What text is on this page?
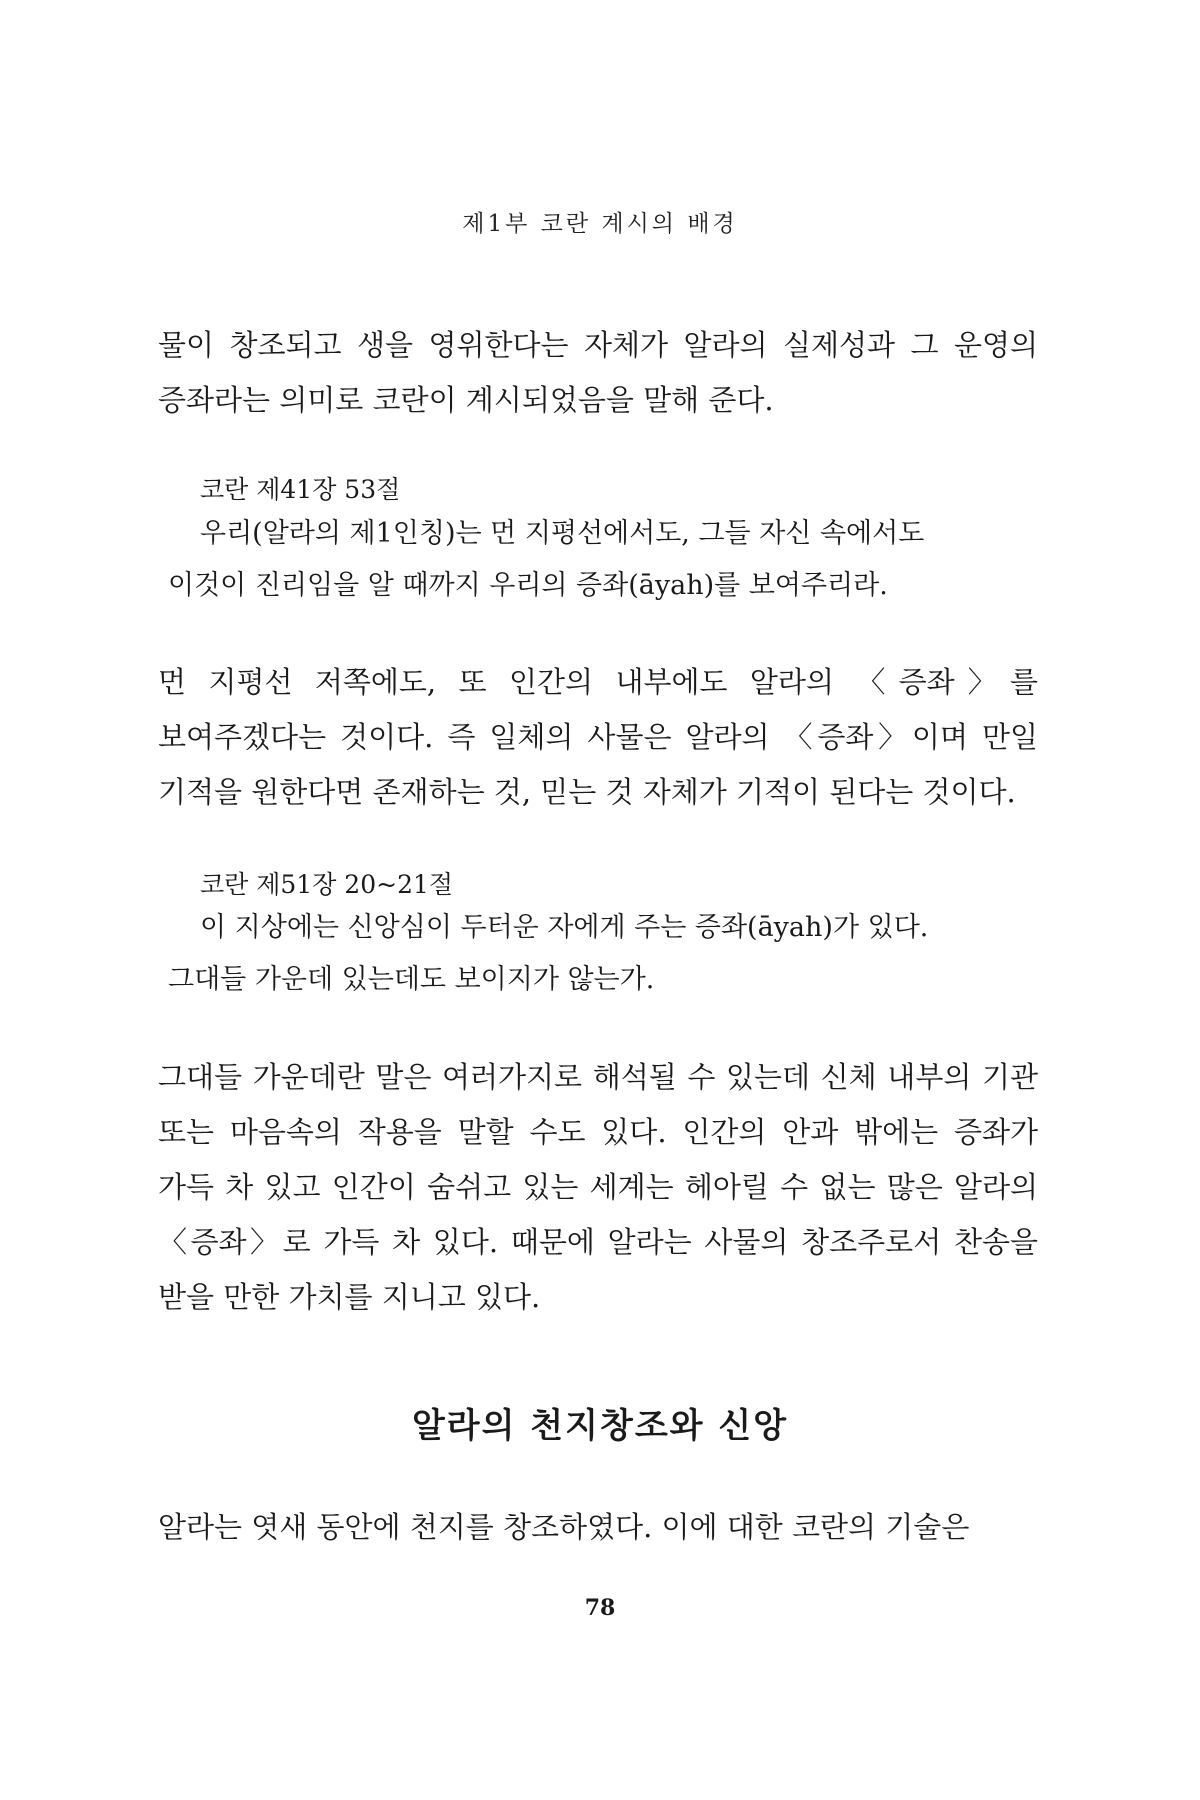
제1부 코란 계시의 배경

물이 창조되고 생을 영위한다는 자체가 알라의 실제성과 그 운영의 증좌라는 의미로 코란이 계시되었음을 말해 준다.

코란 제41장 53절

우리(알라의 제1인칭)는 먼 지평선에서도, 그들 자신 속에서도 이것이 진리임을 알 때까지 우리의 증좌(āyah)를 보여주리라.

먼 지평선 저쪽에도, 또 인간의 내부에도 알라의 〈증좌〉를 보여주겠다는 것이다. 즉 일체의 사물은 알라의 〈증좌〉이며 만일 기적을 원한다면 존재하는 것, 믿는 것 자체가 기적이 된다는 것이다.

코란 제51장 20~21절

이 지상에는 신앙심이 두터운 자에게 주는 증좌(āyah)가 있다. 그대들 가운데 있는데도 보이지가 않는가.

그대들 가운데란 말은 여러가지로 해석될 수 있는데 신체 내부의 기관 또는 마음속의 작용을 말할 수도 있다. 인간의 안과 밖에는 증좌가 가득 차 있고 인간이 숨쉬고 있는 세계는 헤아릴 수 없는 많은 알라의 〈증좌〉로 가득 차 있다. 때문에 알라는 사물의 창조주로서 찬송을 받을 만한 가치를 지니고 있다.

알라의 천지창조와 신앙

알라는 엿새 동안에 천지를 창조하였다. 이에 대한 코란의 기술은

78
